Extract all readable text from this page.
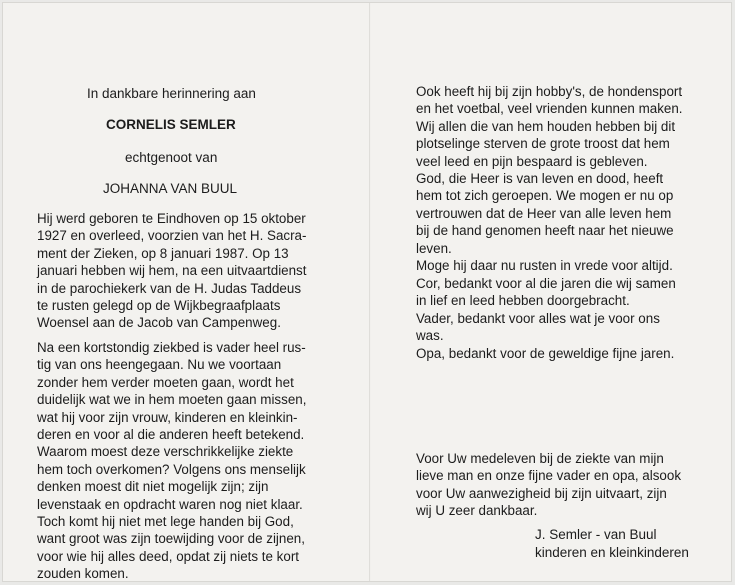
In dankbare herinnering aan
CORNELIS SEMLER
echtgenoot van
JOHANNA VAN BUUL
Hij werd geboren te Eindhoven op 15 oktober
1927 en overleed, voorzien van het H. Sacra-
ment der Zieken, op 8 januari 1987. Op 13
januari hebben wij hem, na een uitvaartdienst
in de parochiekerk van de H. Judas Taddeus
te rusten gelegd op de Wijkbegraafplaats
Woensel aan de Jacob van Campenweg.
Na een kortstondig ziekbed is vader heel rus-
tig van ons heengegaan. Nu we voortaan
zonder hem verder moeten gaan, wordt het
duidelijk wat we in hem moeten gaan missen,
wat hij voor zijn vrouw, kinderen en kleinkin-
deren en voor al die anderen heeft betekend.
Waarom moest deze verschrikkelijke ziekte
hem toch overkomen? Volgens ons menselijk
denken moest dit niet mogelijk zijn; zijn
levenstaak en opdracht waren nog niet klaar.
Toch komt hij niet met lege handen bij God,
want groot was zijn toewijding voor de zijnen,
voor wie hij alles deed, opdat zij niets te kort
zouden komen.
Ook heeft hij bij zijn hobby's, de hondensport
en het voetbal, veel vrienden kunnen maken.
Wij allen die van hem houden hebben bij dit
plotselinge sterven de grote troost dat hem
veel leed en pijn bespaard is gebleven.
God, die Heer is van leven en dood, heeft
hem tot zich geroepen. We mogen er nu op
vertrouwen dat de Heer van alle leven hem
bij de hand genomen heeft naar het nieuwe
leven.
Moge hij daar nu rusten in vrede voor altijd.
Cor, bedankt voor al die jaren die wij samen
in lief en leed hebben doorgebracht.
Vader, bedankt voor alles wat je voor ons
was.
Opa, bedankt voor de geweldige fijne jaren.
Voor Uw medeleven bij de ziekte van mijn
lieve man en onze fijne vader en opa, alsook
voor Uw aanwezigheid bij zijn uitvaart, zijn
wij U zeer dankbaar.
J. Semler - van Buul
kinderen en kleinkinderen
